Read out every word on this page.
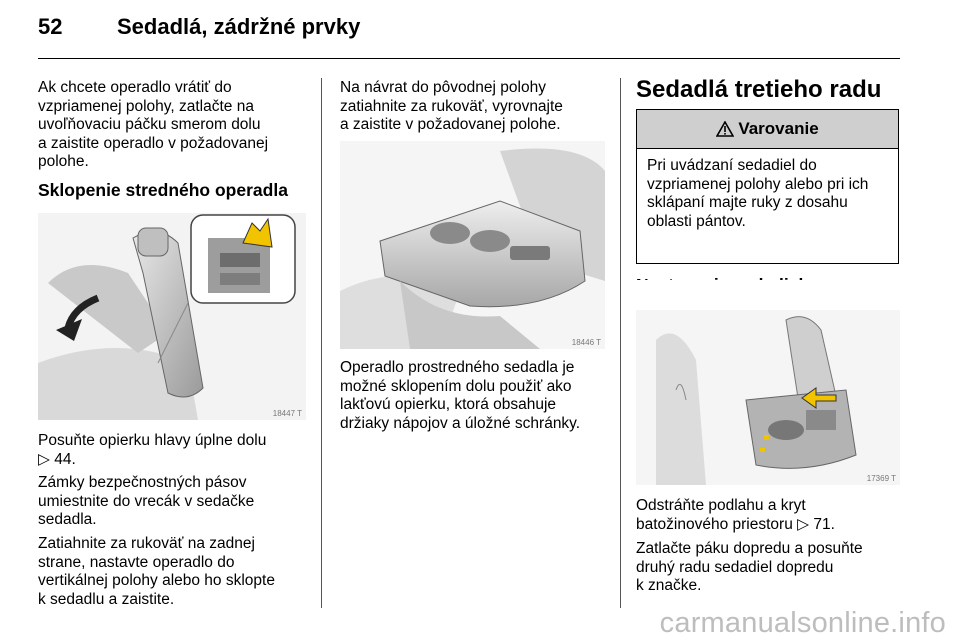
52 Sedadlá, zádržné prvky
Ak chcete operadlo vrátiť do
vzpriamenej polohy, zatlačte na
uvoľňovaciu páčku smerom dolu
a zaistite operadlo v požadovanej
polohe.
Sklopenie stredného operadla
18447 T
Posuňte opierku hlavy úplne dolu
▷ 44.
Zámky bezpečnostných pásov
umiestnite do vrecák v sedačke
sedadla.
Zatiahnite za rukoväť na zadnej
strane, nastavte operadlo do
vertikálnej polohy alebo ho sklopte
k sedadlu a zaistite.
Na návrat do pôvodnej polohy
zatiahnite za rukoväť, vyrovnajte
a zaistite v požadovanej polohe.
18446 T
Operadlo prostredného sedadla je
možné sklopením dolu použiť ako
lakťovú opierku, ktorá obsahuje
držiaky nápojov a úložné schránky.
Sedadlá tretieho radu
Varovanie
Pri uvádzaní sedadiel do
vzpriamenej polohy alebo pri ich
sklápaní majte ruky z dosahu
oblasti pántov.
17369 T
Odstráňte podlahu a kryt
batožinového priestoru ▷ 71.
Zatlačte páku dopredu a posuňte
druhý radu sedadiel dopredu
k značke.
carmanualsonline.info
